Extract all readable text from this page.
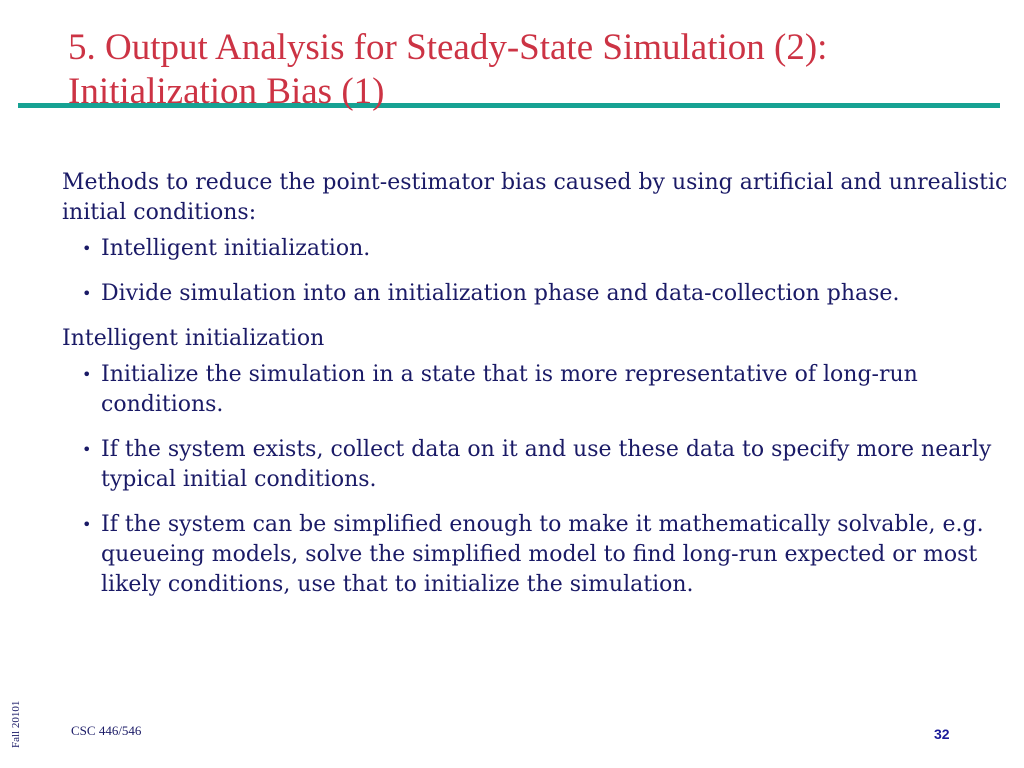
5. Output Analysis for Steady-State Simulation (2): Initialization Bias (1)

Methods to reduce the point-estimator bias caused by using artificial and unrealistic initial conditions:

• Intelligent initialization.
• Divide simulation into an initialization phase and data-collection phase.

Intelligent initialization

• Initialize the simulation in a state that is more representative of long-run conditions.
• If the system exists, collect data on it and use these data to specify more nearly typical initial conditions.
• If the system can be simplified enough to make it mathematically solvable, e.g. queueing models, solve the simplified model to find long-run expected or most likely conditions, use that to initialize the simulation.
Fall 20101	CSC 446/546	32
